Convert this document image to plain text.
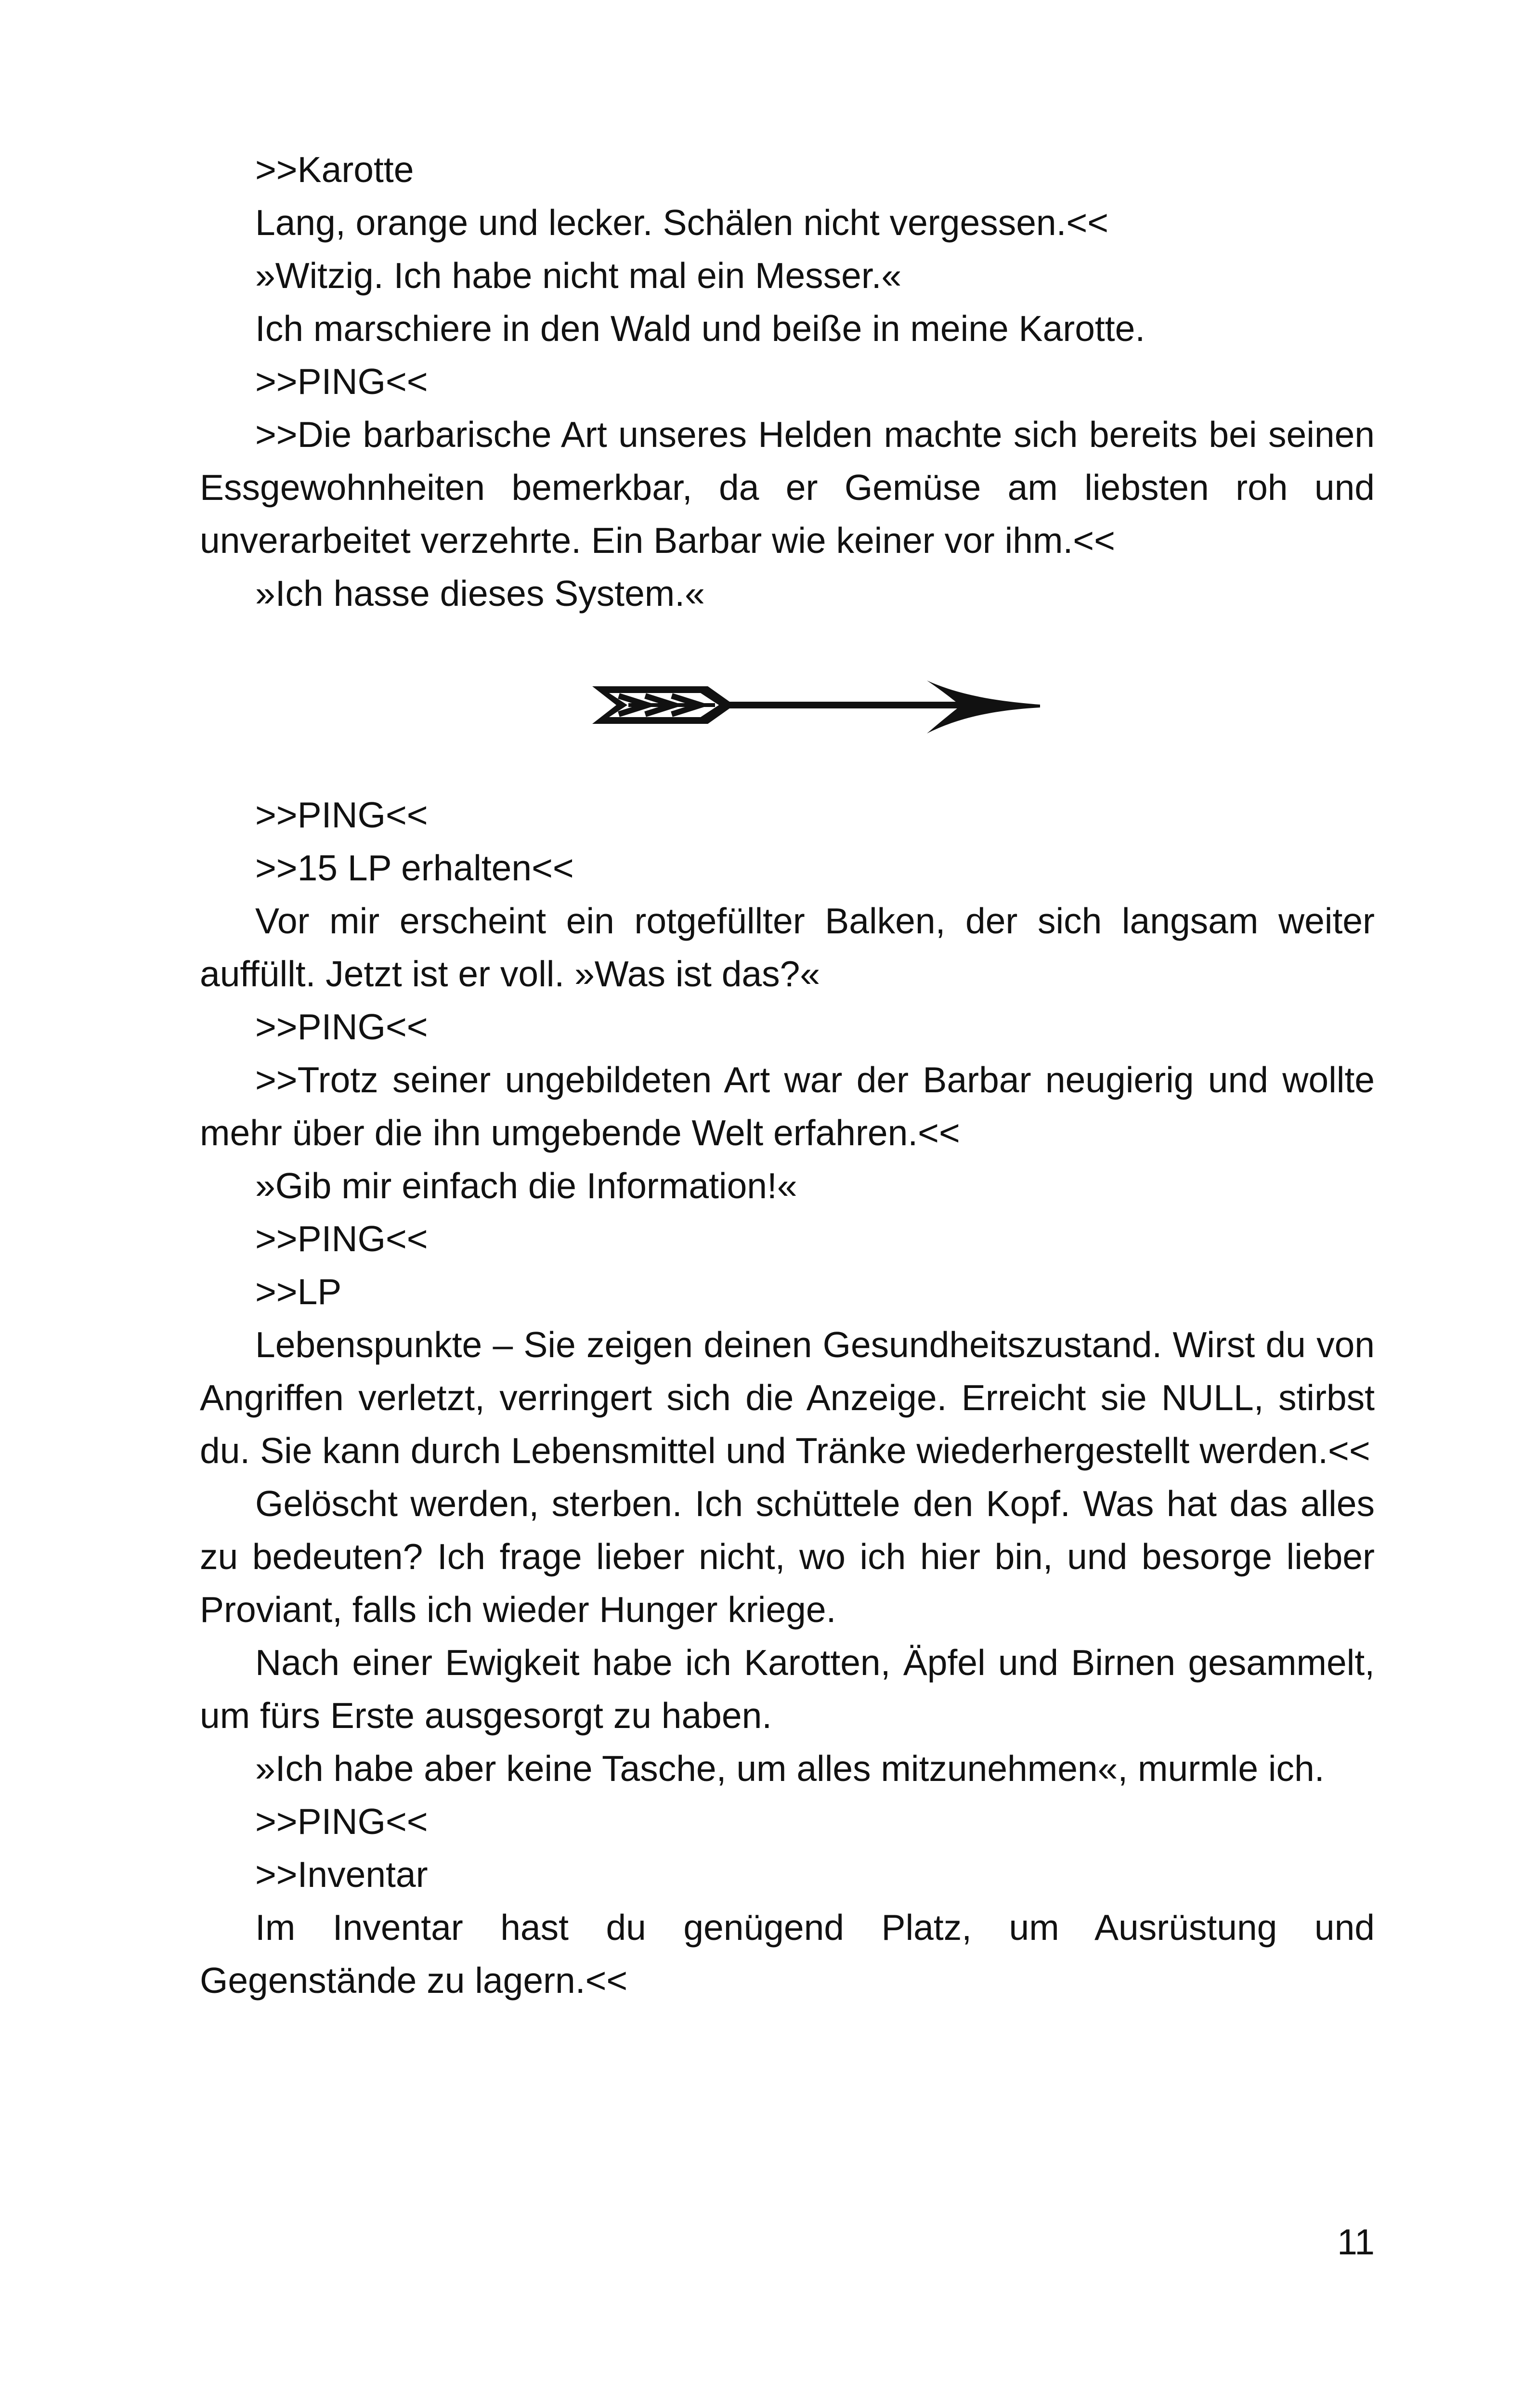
>>Karotte

Lang, orange und lecker. Schälen nicht vergessen.<<

»Witzig. Ich habe nicht mal ein Messer.«

Ich marschiere in den Wald und beiße in meine Karotte.

>>PING<<

>>Die barbarische Art unseres Helden machte sich bereits bei seinen Essgewohnheiten bemerkbar, da er Gemüse am liebsten roh und unverarbeitet verzehrte. Ein Barbar wie keiner vor ihm.<<

»Ich hasse dieses System.«

>>PING<<

>>15 LP erhalten<<

Vor mir erscheint ein rotgefüllter Balken, der sich langsam weiter auffüllt. Jetzt ist er voll. »Was ist das?«

>>PING<<

>>Trotz seiner ungebildeten Art war der Barbar neugierig und wollte mehr über die ihn umgebende Welt erfahren.<<

»Gib mir einfach die Information!«

>>PING<<

>>LP

Lebenspunkte – Sie zeigen deinen Gesundheitszustand. Wirst du von Angriffen verletzt, verringert sich die Anzeige. Erreicht sie NULL, stirbst du. Sie kann durch Lebensmittel und Tränke wiederhergestellt werden.<<

Gelöscht werden, sterben. Ich schüttele den Kopf. Was hat das alles zu bedeuten? Ich frage lieber nicht, wo ich hier bin, und besorge lieber Proviant, falls ich wieder Hunger kriege.

Nach einer Ewigkeit habe ich Karotten, Äpfel und Birnen gesammelt, um fürs Erste ausgesorgt zu haben.

»Ich habe aber keine Tasche, um alles mitzunehmen«, murmle ich.

>>PING<<

>>Inventar

Im Inventar hast du genügend Platz, um Ausrüstung und Gegenstände zu lagern.<<

11
